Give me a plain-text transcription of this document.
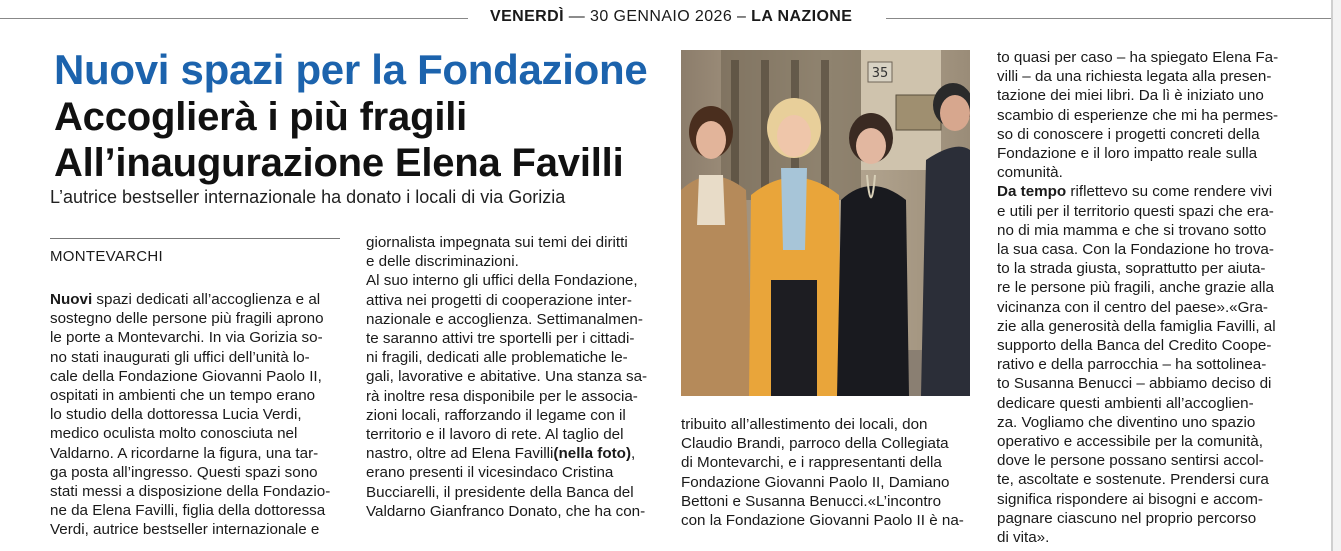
VENERDÌ — 30 GENNAIO 2026 – LA NAZIONE
Nuovi spazi per la Fondazione
Accoglierà i più fragili
All’inaugurazione Elena Favilli
L’autrice bestseller internazionale ha donato i locali di via Gorizia
MONTEVARCHI
Nuovi spazi dedicati all’accoglienza e al
sostegno delle persone più fragili aprono
le porte a Montevarchi. In via Gorizia so-
no stati inaugurati gli uffici dell’unità lo-
cale della Fondazione Giovanni Paolo II,
ospitati in ambienti che un tempo erano
lo studio della dottoressa Lucia Verdi,
medico oculista molto conosciuta nel
Valdarno. A ricordarne la figura, una tar-
ga posta all’ingresso. Questi spazi sono
stati messi a disposizione della Fondazio-
ne da Elena Favilli, figlia della dottoressa
Verdi, autrice bestseller internazionale e
giornalista impegnata sui temi dei diritti
e delle discriminazioni.
Al suo interno gli uffici della Fondazione,
attiva nei progetti di cooperazione inter-
nazionale e accoglienza. Settimanalmen-
te saranno attivi tre sportelli per i cittadi-
ni fragili, dedicati alle problematiche le-
gali, lavorative e abitative. Una stanza sa-
rà inoltre resa disponibile per le associa-
zioni locali, rafforzando il legame con il
territorio e il lavoro di rete. Al taglio del
nastro, oltre ad Elena Favilli(nella foto),
erano presenti il vicesindaco Cristina
Bucciarelli, il presidente della Banca del
Valdarno Gianfranco Donato, che ha con-
35
tribuito all’allestimento dei locali, don
Claudio Brandi, parroco della Collegiata
di Montevarchi, e i rappresentanti della
Fondazione Giovanni Paolo II, Damiano
Bettoni e Susanna Benucci.«L’incontro
con la Fondazione Giovanni Paolo II è na-
to quasi per caso – ha spiegato Elena Fa-
villi – da una richiesta legata alla presen-
tazione dei miei libri. Da lì è iniziato uno
scambio di esperienze che mi ha permes-
so di conoscere i progetti concreti della
Fondazione e il loro impatto reale sulla
comunità.
Da tempo riflettevo su come rendere vivi
e utili per il territorio questi spazi che era-
no di mia mamma e che si trovano sotto
la sua casa. Con la Fondazione ho trova-
to la strada giusta, soprattutto per aiuta-
re le persone più fragili, anche grazie alla
vicinanza con il centro del paese».«Gra-
zie alla generosità della famiglia Favilli, al
supporto della Banca del Credito Coope-
rativo e della parrocchia – ha sottolinea-
to Susanna Benucci – abbiamo deciso di
dedicare questi ambienti all’accoglien-
za. Vogliamo che diventino uno spazio
operativo e accessibile per la comunità,
dove le persone possano sentirsi accol-
te, ascoltate e sostenute. Prendersi cura
significa rispondere ai bisogni e accom-
pagnare ciascuno nel proprio percorso
di vita».
